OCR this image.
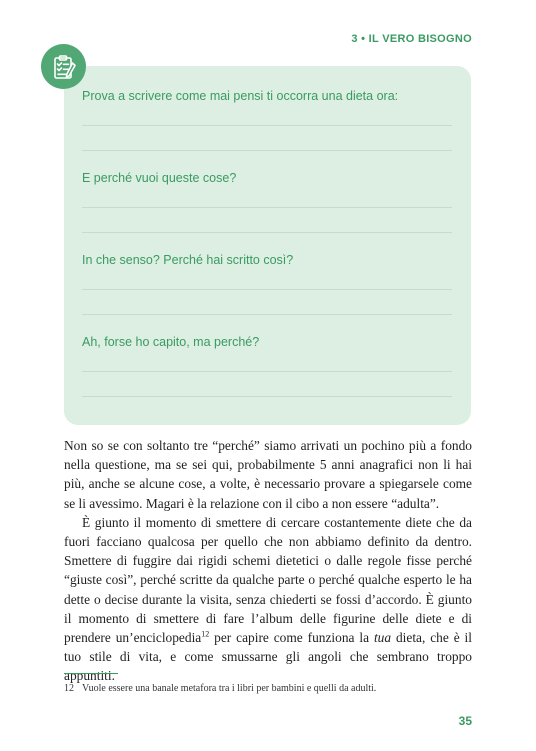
3 • IL VERO BISOGNO
Prova a scrivere come mai pensi ti occorra una dieta ora:
E perché vuoi queste cose?
In che senso? Perché hai scritto così?
Ah, forse ho capito, ma perché?

Non so se con soltanto tre “perché” siamo arrivati un pochino più a fondo nella questione, ma se sei qui, probabilmente 5 anni anagrafici non li hai più, anche se alcune cose, a volte, è necessario provare a spiegarsele come se li avessimo. Magari è la relazione con il cibo a non essere “adulta”.

È giunto il momento di smettere di cercare costantemente diete che da fuori facciano qualcosa per quello che non abbiamo definito da dentro. Smettere di fuggire dai rigidi schemi dietetici o dalle regole fisse perché “giuste così”, perché scritte da qualche parte o perché qualche esperto le ha dette o decise durante la visita, senza chiederti se fossi d’accordo. È giunto il momento di smettere di fare l’album delle figurine delle diete e di prendere un’enciclopedia$^{12}$ per capire come funziona la tua dieta, che è il tuo stile di vita, e come smussarne gli angoli che sembrano troppo appuntiti.

12 Vuole essere una banale metafora tra i libri per bambini e quelli da adulti.
35
